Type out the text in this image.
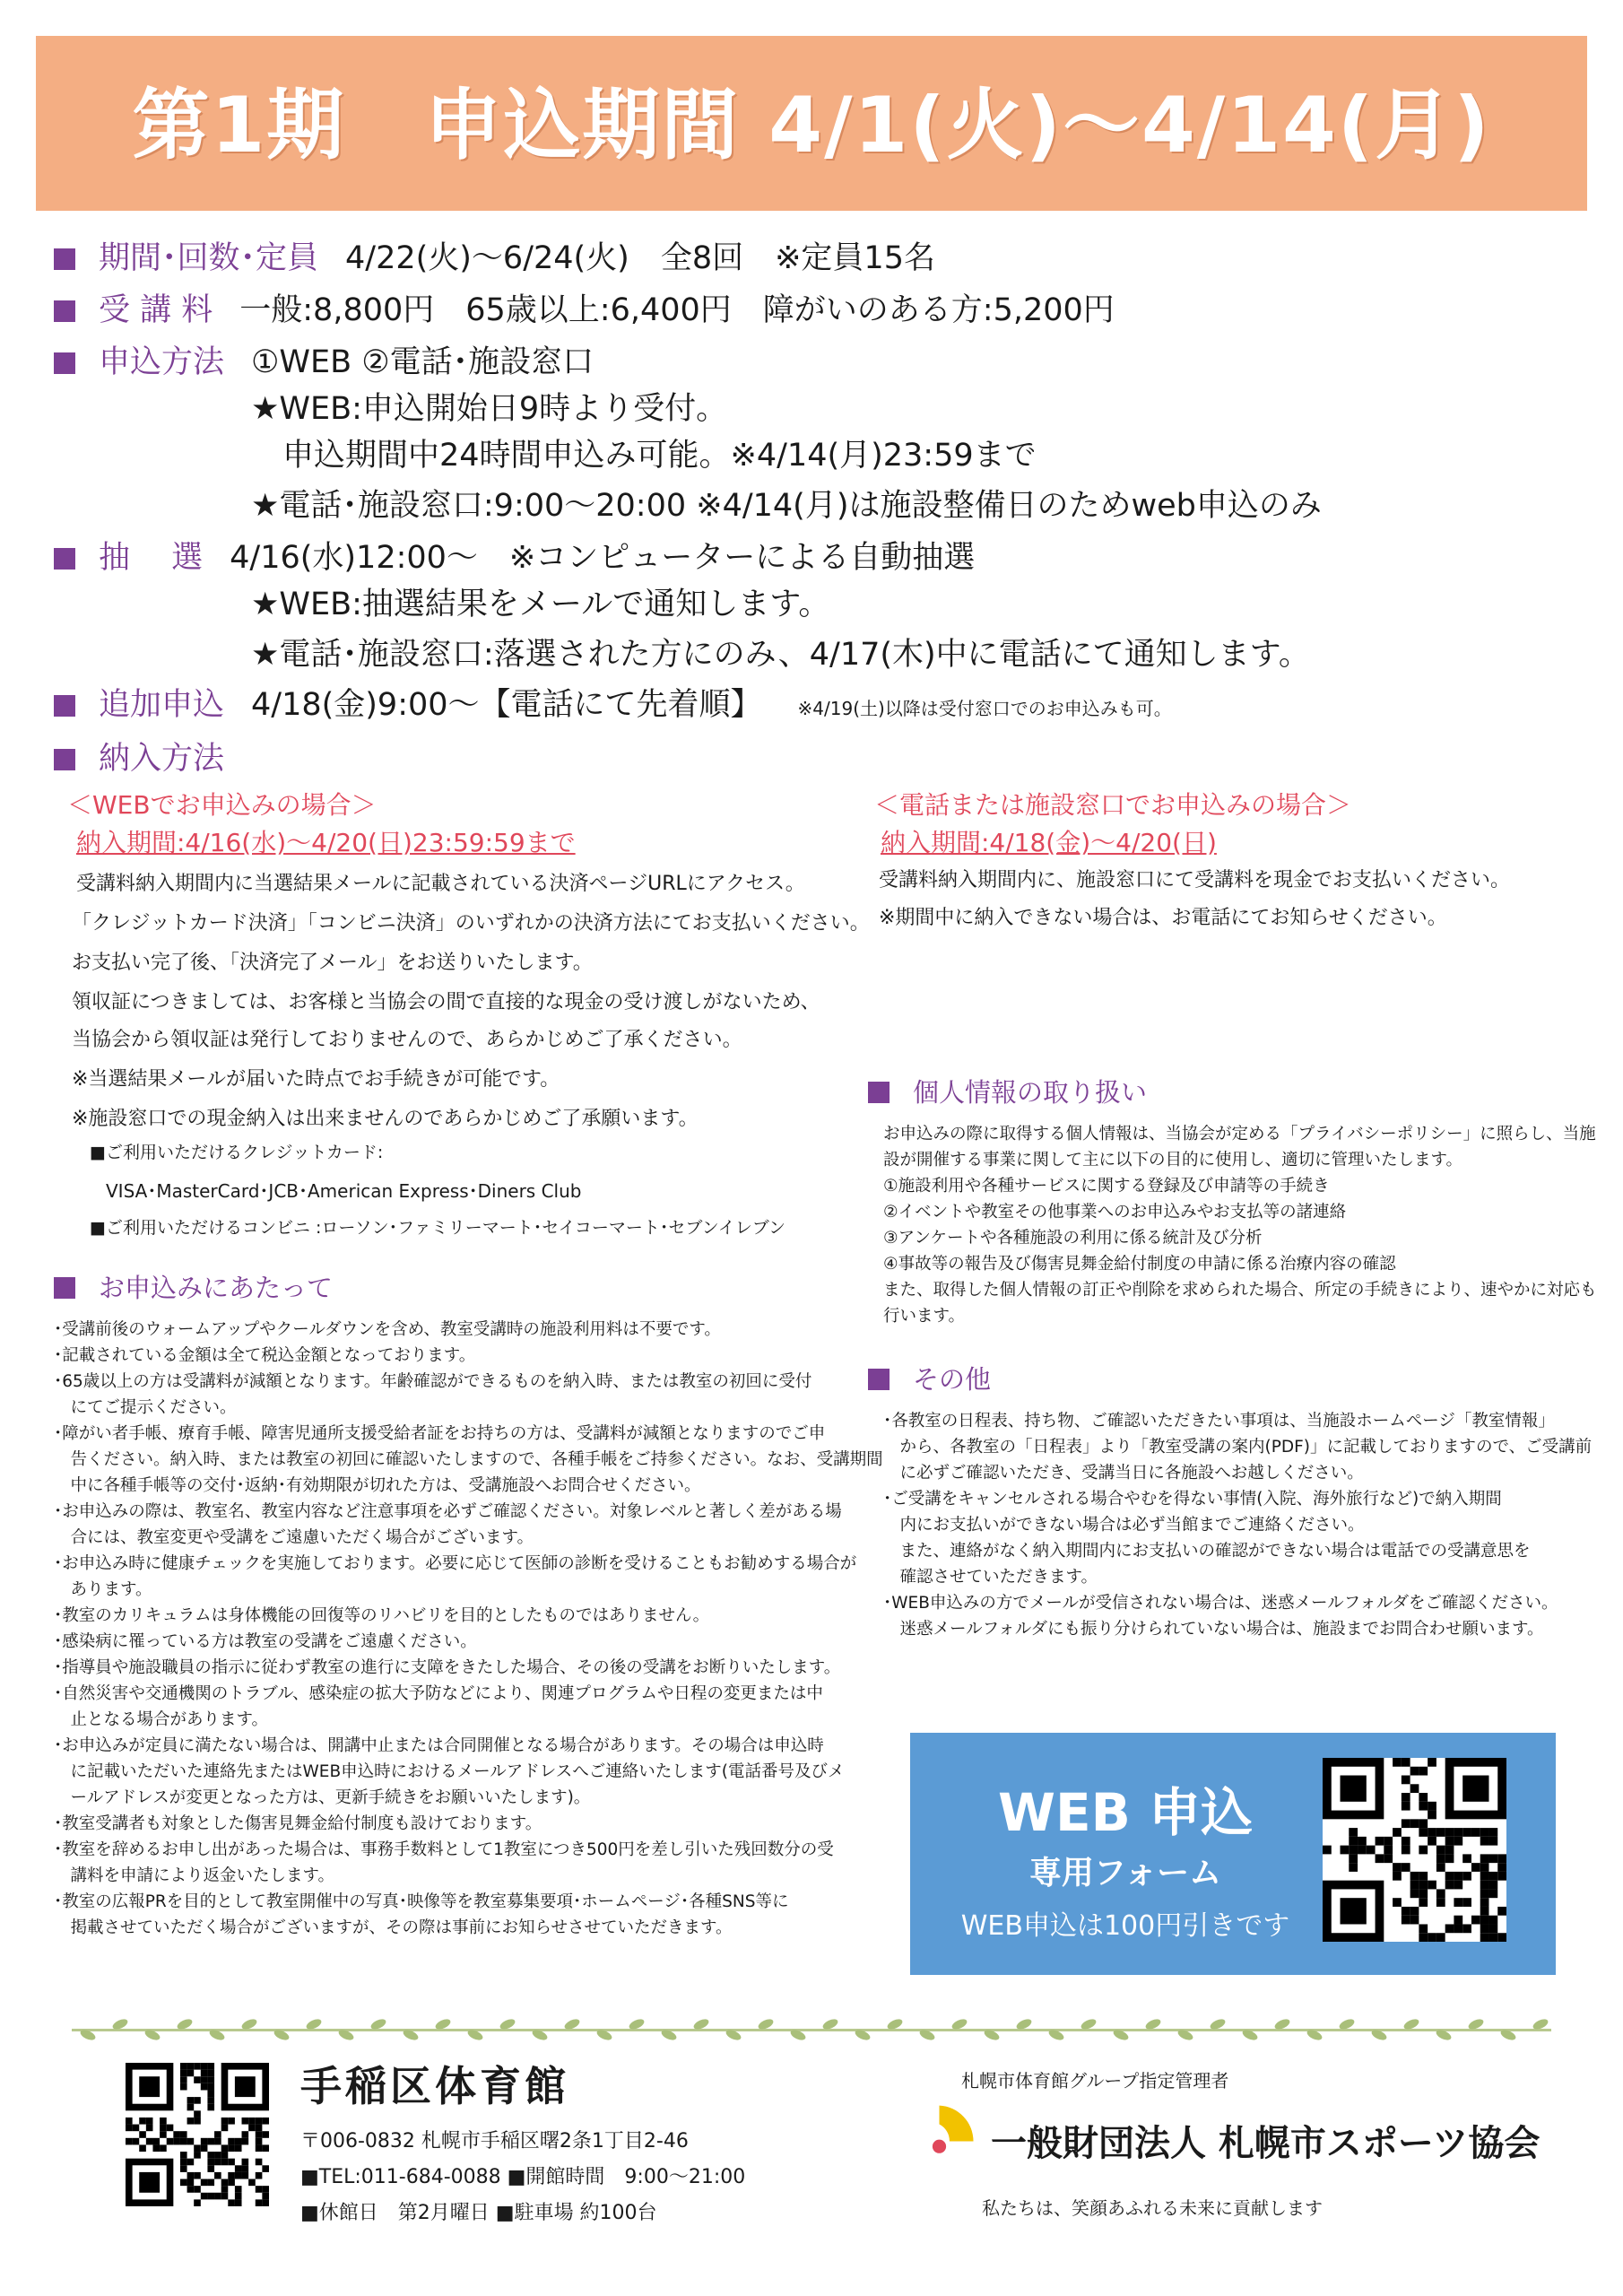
第1期　申込期間 4/1(火)～4/14(月)
期間･回数･定員 4/22(火)～6/24(火)　全8回　※定員15名
受 講 料 一般:8,800円　65歳以上:6,400円　障がいのある方:5,200円
申込方法 ①WEB ②電話･施設窓口
★WEB:申込開始日9時より受付。
申込期間中24時間申込み可能。※4/14(月)23:59まで
★電話･施設窓口:9:00～20:00 ※4/14(月)は施設整備日のためweb申込のみ
抽　 選 4/16(水)12:00～　※コンピューターによる自動抽選
★WEB:抽選結果をメールで通知します。
★電話･施設窓口:落選された方にのみ、4/17(木)中に電話にて通知します。
追加申込 4/18(金)9:00～【電話にて先着順】 ※4/19(土)以降は受付窓口でのお申込みも可。
納入方法
＜WEBでお申込みの場合＞
納入期間:4/16(水)～4/20(日)23:59:59まで
受講料納入期間内に当選結果メールに記載されている決済ページURLにアクセス。
「クレジットカード決済」「コンビニ決済」のいずれかの決済方法にてお支払いください。
お支払い完了後、「決済完了メール」をお送りいたします。
領収証につきましては、お客様と当協会の間で直接的な現金の受け渡しがないため、
当協会から領収証は発行しておりませんので、あらかじめご了承ください。
※当選結果メールが届いた時点でお手続きが可能です。
※施設窓口での現金納入は出来ませんのであらかじめご了承願います。
■ご利用いただけるクレジットカード:
VISA･MasterCard･JCB･American Express･Diners Club
■ご利用いただけるコンビニ :ローソン･ファミリーマート･セイコーマート･セブンイレブン
＜電話または施設窓口でお申込みの場合＞
納入期間:4/18(金)～4/20(日)
受講料納入期間内に、施設窓口にて受講料を現金でお支払いください。
※期間中に納入できない場合は、お電話にてお知らせください。
お申込みにあたって
･受講前後のウォームアップやクールダウンを含め、教室受講時の施設利用料は不要です。
･記載されている金額は全て税込金額となっております。
･65歳以上の方は受講料が減額となります。年齢確認ができるものを納入時、または教室の初回に受付
　にてご提示ください。
･障がい者手帳、療育手帳、障害児通所支援受給者証をお持ちの方は、受講料が減額となりますのでご申
　告ください。納入時、または教室の初回に確認いたしますので、各種手帳をご持参ください。なお、受講期間
　中に各種手帳等の交付･返納･有効期限が切れた方は、受講施設へお問合せください。
･お申込みの際は、教室名、教室内容など注意事項を必ずご確認ください。対象レベルと著しく差がある場
　合には、教室変更や受講をご遠慮いただく場合がございます。
･お申込み時に健康チェックを実施しております。必要に応じて医師の診断を受けることもお勧めする場合が
　あります。
･教室のカリキュラムは身体機能の回復等のリハビリを目的としたものではありません。
･感染病に罹っている方は教室の受講をご遠慮ください。
･指導員や施設職員の指示に従わず教室の進行に支障をきたした場合、その後の受講をお断りいたします。
･自然災害や交通機関のトラブル、感染症の拡大予防などにより、関連プログラムや日程の変更または中
　止となる場合があります。
･お申込みが定員に満たない場合は、開講中止または合同開催となる場合があります。その場合は申込時
　に記載いただいた連絡先またはWEB申込時におけるメールアドレスへご連絡いたします(電話番号及びメ
　ールアドレスが変更となった方は、更新手続きをお願いいたします)。
･教室受講者も対象とした傷害見舞金給付制度も設けております。
･教室を辞めるお申し出があった場合は、事務手数料として1教室につき500円を差し引いた残回数分の受
　講料を申請により返金いたします。
･教室の広報PRを目的として教室開催中の写真･映像等を教室募集要項･ホームページ･各種SNS等に
　掲載させていただく場合がございますが、その際は事前にお知らせさせていただきます。
個人情報の取り扱い
お申込みの際に取得する個人情報は、当協会が定める「プライバシーポリシー」に照らし、当施
設が開催する事業に関して主に以下の目的に使用し、適切に管理いたします。
①施設利用や各種サービスに関する登録及び申請等の手続き
②イベントや教室その他事業へのお申込みやお支払等の諸連絡
③アンケートや各種施設の利用に係る統計及び分析
④事故等の報告及び傷害見舞金給付制度の申請に係る治療内容の確認
また、取得した個人情報の訂正や削除を求められた場合、所定の手続きにより、速やかに対応も
行います。
その他
･各教室の日程表、持ち物、ご確認いただきたい事項は、当施設ホームページ「教室情報」
　から、各教室の「日程表」より「教室受講の案内(PDF)」に記載しておりますので、ご受講前
　に必ずご確認いただき、受講当日に各施設へお越しください。
･ご受講をキャンセルされる場合やむを得ない事情(入院、海外旅行など)で納入期間
　内にお支払いができない場合は必ず当館までご連絡ください。
　また、連絡がなく納入期間内にお支払いの確認ができない場合は電話での受講意思を
　確認させていただきます。
･WEB申込みの方でメールが受信されない場合は、迷惑メールフォルダをご確認ください。
　迷惑メールフォルダにも振り分けられていない場合は、施設までお問合わせ願います。
WEB 申込
専用フォーム
WEB申込は100円引きです
手稲区体育館
〒006-0832 札幌市手稲区曙2条1丁目2-46
■TEL:011-684-0088 ■開館時間　9:00～21:00
■休館日　第2月曜日 ■駐車場 約100台
札幌市体育館グループ指定管理者
一般財団法人 札幌市スポーツ協会
私たちは、笑顔あふれる未来に貢献します
